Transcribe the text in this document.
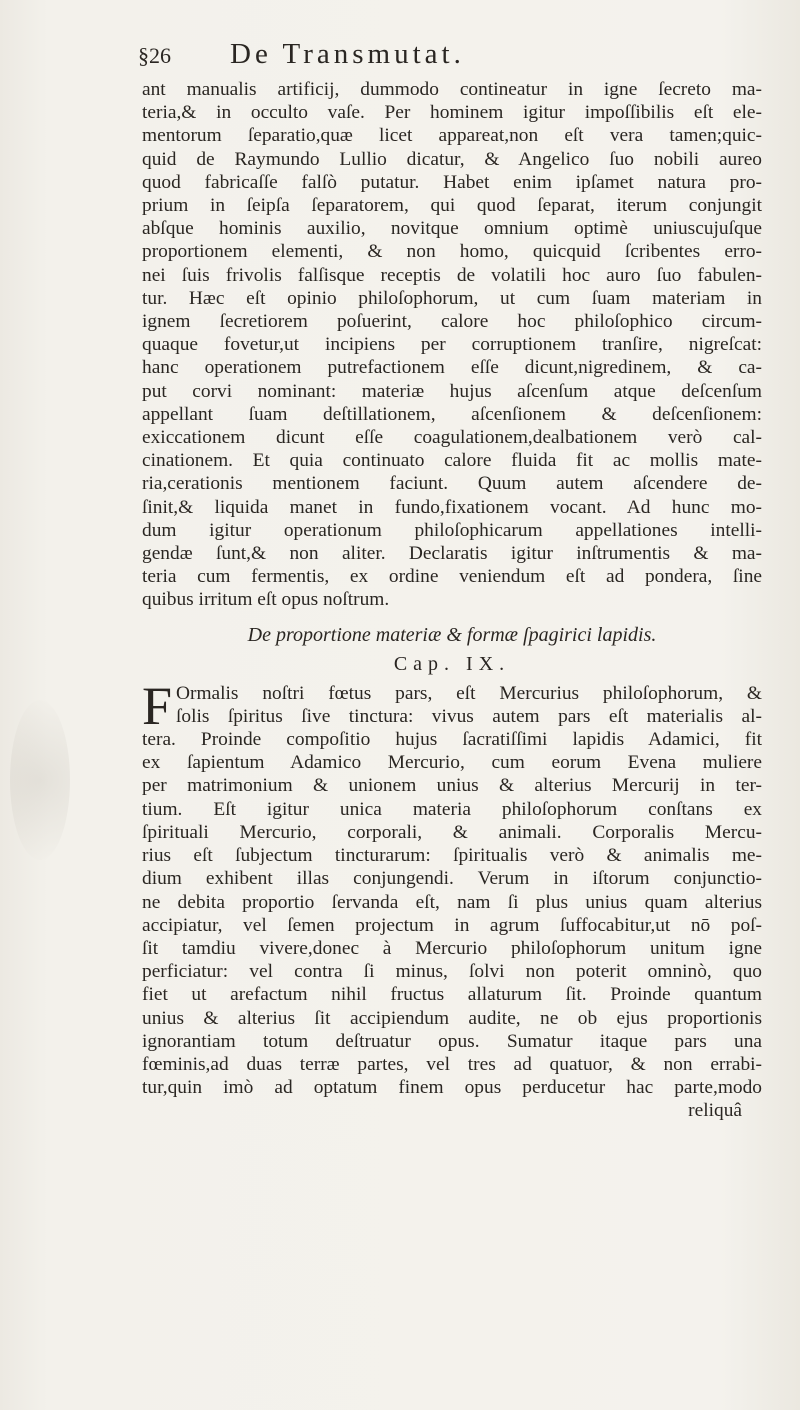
§26	De Transmutat.
ant manualis artificij, dummodo contineatur in igne ſecreto ma-
teria,& in occulto vaſe. Per hominem igitur impoſſibilis eſt ele-
mentorum ſeparatio,quæ licet appareat,non eſt vera tamen;quic-
quid de Raymundo Lullio dicatur, & Angelico ſuo nobili aureo
quod fabricaſſe falſò putatur. Habet enim ipſamet natura pro-
prium in ſeipſa ſeparatorem, qui quod ſeparat, iterum conjungit
abſque hominis auxilio, novitque omnium optimè uniuscujuſque
proportionem elementi, & non homo, quicquid ſcribentes erro-
nei ſuis frivolis falſisque receptis de volatili hoc auro ſuo fabulen-
tur. Hæc eſt opinio philoſophorum, ut cum ſuam materiam in
ignem ſecretiorem poſuerint, calore hoc philoſophico circum-
quaque fovetur,ut incipiens per corruptionem tranſire, nigreſcat:
hanc operationem putrefactionem eſſe dicunt,nigredinem, & ca-
put corvi nominant: materiæ hujus aſcenſum atque deſcenſum
appellant ſuam deſtillationem, aſcenſionem & deſcenſionem:
exiccationem dicunt eſſe coagulationem,dealbationem verò cal-
cinationem. Et quia continuato calore fluida fit ac mollis mate-
ria,cerationis mentionem faciunt. Quum autem aſcendere de-
ſinit,& liquida manet in fundo,fixationem vocant. Ad hunc mo-
dum igitur operationum philoſophicarum appellationes intelli-
gendæ ſunt,& non aliter. Declaratis igitur inſtrumentis & ma-
teria cum fermentis, ex ordine veniendum eſt ad pondera, ſine
quibus irritum eſt opus noſtrum.
De proportione materiæ & formæ ſpagirici lapidis.
Cap. IX.
F Ormalis noſtri fœtus pars, eſt Mercurius philoſophorum, &
ſolis ſpiritus ſive tinctura: vivus autem pars eſt materialis al-
tera. Proinde compoſitio hujus ſacratiſſimi lapidis Adamici, fit
ex ſapientum Adamico Mercurio, cum eorum Evena muliere
per matrimonium & unionem unius & alterius Mercurij in ter-
tium. Eſt igitur unica materia philoſophorum conſtans ex
ſpirituali Mercurio, corporali, & animali. Corporalis Mercu-
rius eſt ſubjectum tincturarum: ſpiritualis verò & animalis me-
dium exhibent illas conjungendi. Verum in iſtorum conjunctio-
ne debita proportio ſervanda eſt, nam ſi plus unius quam alterius
accipiatur, vel ſemen projectum in agrum ſuffocabitur,ut nō poſ-
ſit tamdiu vivere,donec à Mercurio philoſophorum unitum igne
perficiatur: vel contra ſi minus, ſolvi non poterit omninò, quo
fiet ut arefactum nihil fructus allaturum ſit. Proinde quantum
unius & alterius ſit accipiendum audite, ne ob ejus proportionis
ignorantiam totum deſtruatur opus. Sumatur itaque pars una
fœminis,ad duas terræ partes, vel tres ad quatuor, & non errabi-
tur,quin imò ad optatum finem opus perducetur hac parte,modo
reliquâ
